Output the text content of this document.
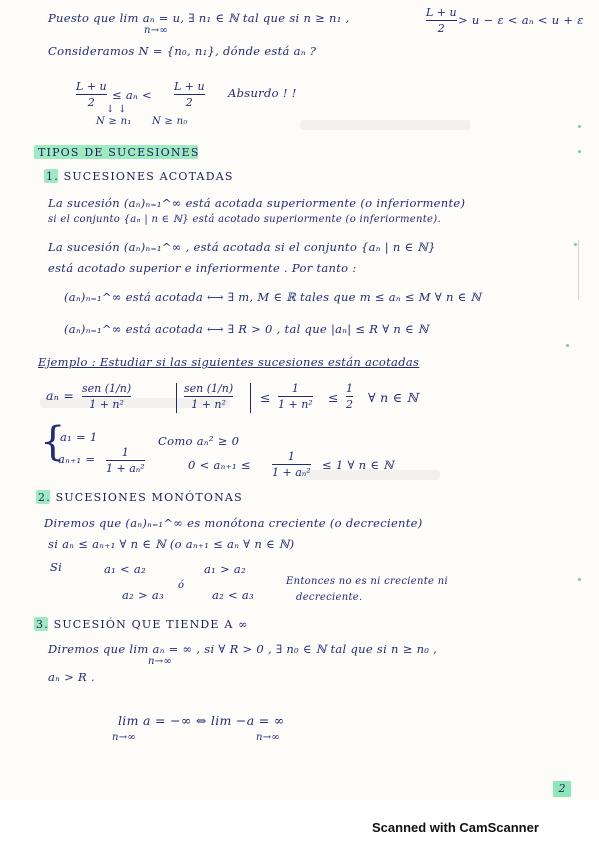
Puesto que lim aₙ = u, ∃ n₁ ∈ ℕ tal que si n ≥ n₁ ,
n→∞
L + u
2
> u − ε < aₙ < u + ε
Consideramos N = {n₀, n₁}, dónde está aₙ ?
L + u
2
≤ aₙ <
L + u
2
Absurdo ! !
↓ ↓
N ≥ n₁ N ≥ n₀
TIPOS DE SUCESIONES
1. SUCESIONES ACOTADAS
La sucesión (aₙ)ₙ₌₁^∞ está acotada superiormente (o inferiormente)
si el conjunto {aₙ | n ∈ ℕ} está acotado superiormente (o inferiormente).
La sucesión (aₙ)ₙ₌₁^∞ , está acotada si el conjunto {aₙ | n ∈ ℕ}
está acotado superior e inferiormente . Por tanto :
(aₙ)ₙ₌₁^∞ está acotada ⟷ ∃ m, M ∈ ℝ tales que m ≤ aₙ ≤ M ∀ n ∈ ℕ
(aₙ)ₙ₌₁^∞ está acotada ⟷ ∃ R > 0 , tal que |aₙ| ≤ R ∀ n ∈ ℕ
Ejemplo : Estudiar si las siguientes sucesiones están acotadas
aₙ = sen (1/n)
1 + n²
sen (1/n)
1 + n²	≤
1
1 + n² ≤
1
2 ∀ n ∈ ℕ
{
a₁ = 1
aₙ₊₁ = 1
1 + aₙ²
Como aₙ² ≥ 0
0 < aₙ₊₁ ≤
1
1 + aₙ²
≤ 1 ∀ n ∈ ℕ
2. SUCESIONES MONÓTONAS
Diremos que (aₙ)ₙ₌₁^∞ es monótona creciente (o decreciente)
si aₙ ≤ aₙ₊₁ ∀ n ∈ ℕ (o aₙ₊₁ ≤ aₙ ∀ n ∈ ℕ)
Si	a₁ < a₂	a₁ > a₂
a₂ > a₃
ó
a₂ < a₃
Entonces no es ni creciente ni
decreciente.
3. SUCESIÓN QUE TIENDE A ∞
Diremos que lim aₙ = ∞ , si ∀ R > 0 , ∃ n₀ ∈ ℕ tal que si n ≥ n₀ ,
n→∞
aₙ > R .
lim a = −∞ ⇔ lim −a = ∞
n→∞	n→∞
2
Scanned with CamScanner
